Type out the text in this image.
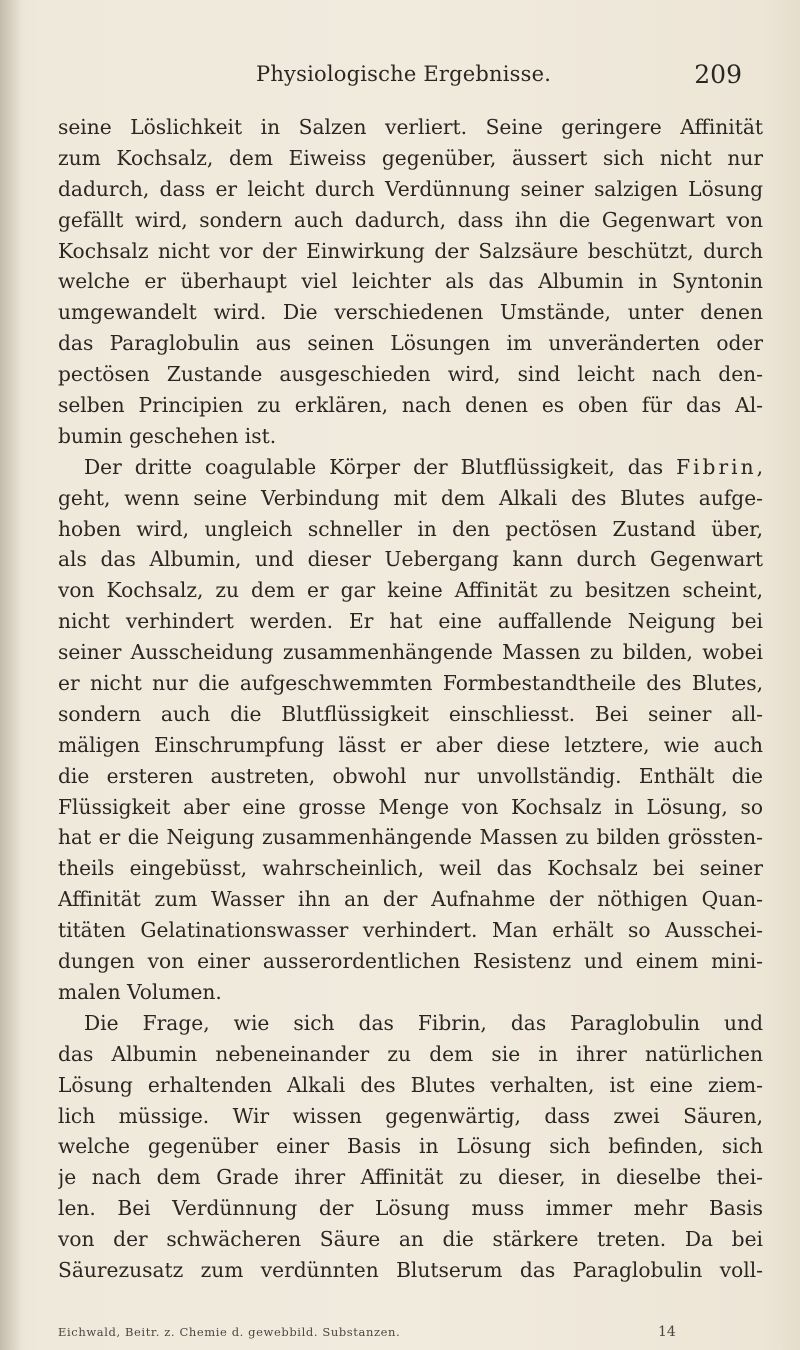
Physiologische Ergebnisse.	209
seine Löslichkeit in Salzen verliert. Seine geringere Affinität
zum Kochsalz, dem Eiweiss gegenüber, äussert sich nicht nur
dadurch, dass er leicht durch Verdünnung seiner salzigen Lösung
gefällt wird, sondern auch dadurch, dass ihn die Gegenwart von
Kochsalz nicht vor der Einwirkung der Salzsäure beschützt, durch
welche er überhaupt viel leichter als das Albumin in Syntonin
umgewandelt wird. Die verschiedenen Umstände, unter denen
das Paraglobulin aus seinen Lösungen im unveränderten oder
pectösen Zustande ausgeschieden wird, sind leicht nach den-
selben Principien zu erklären, nach denen es oben für das Al-
bumin geschehen ist.
Der dritte coagulable Körper der Blutflüssigkeit, das Fibrin,
geht, wenn seine Verbindung mit dem Alkali des Blutes aufge-
hoben wird, ungleich schneller in den pectösen Zustand über,
als das Albumin, und dieser Uebergang kann durch Gegenwart
von Kochsalz, zu dem er gar keine Affinität zu besitzen scheint,
nicht verhindert werden. Er hat eine auffallende Neigung bei
seiner Ausscheidung zusammenhängende Massen zu bilden, wobei
er nicht nur die aufgeschwemmten Formbestandtheile des Blutes,
sondern auch die Blutflüssigkeit einschliesst. Bei seiner all-
mäligen Einschrumpfung lässt er aber diese letztere, wie auch
die ersteren austreten, obwohl nur unvollständig. Enthält die
Flüssigkeit aber eine grosse Menge von Kochsalz in Lösung, so
hat er die Neigung zusammenhängende Massen zu bilden grössten-
theils eingebüsst, wahrscheinlich, weil das Kochsalz bei seiner
Affinität zum Wasser ihn an der Aufnahme der nöthigen Quan-
titäten Gelatinationswasser verhindert. Man erhält so Ausschei-
dungen von einer ausserordentlichen Resistenz und einem mini-
malen Volumen.
Die Frage, wie sich das Fibrin, das Paraglobulin und
das Albumin nebeneinander zu dem sie in ihrer natürlichen
Lösung erhaltenden Alkali des Blutes verhalten, ist eine ziem-
lich müssige. Wir wissen gegenwärtig, dass zwei Säuren,
welche gegenüber einer Basis in Lösung sich befinden, sich
je nach dem Grade ihrer Affinität zu dieser, in dieselbe thei-
len. Bei Verdünnung der Lösung muss immer mehr Basis
von der schwächeren Säure an die stärkere treten. Da bei
Säurezusatz zum verdünnten Blutserum das Paraglobulin voll-
Eichwald, Beitr. z. Chemie d. gewebbild. Substanzen.	14
